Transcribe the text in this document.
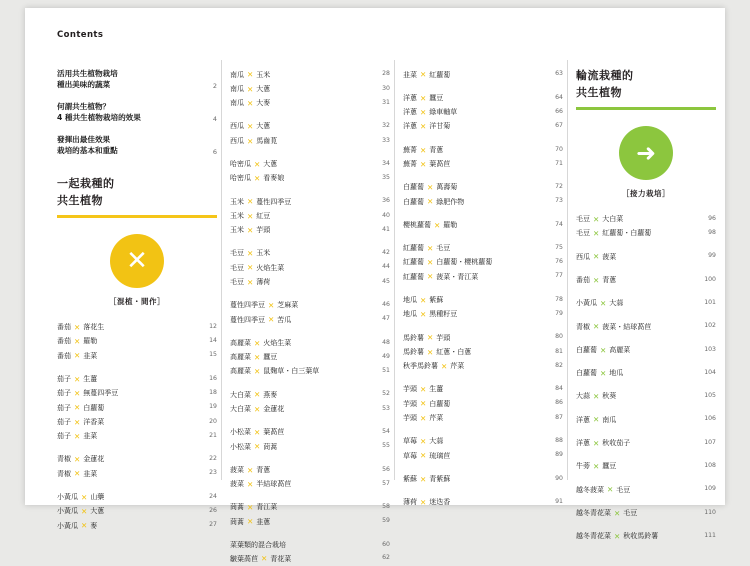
Contents
活用共生植物栽培
種出美味的蔬菜	2
何謂共生植物？
4 種共生植物栽培的效果	4
發揮出最佳效果
栽培的基本和重點	6
一起栽種的
共生植物
✕
［混植・間作］
番茄 ✕ 落花生	12
番茄 ✕ 羅勒	14
番茄 ✕ 韭菜	15
茄子 ✕ 生薑	16
茄子 ✕ 無蔓四季豆	18
茄子 ✕ 白蘿蔔	19
茄子 ✕ 洋香菜	20
茄子 ✕ 韭菜	21
青椒 ✕ 金蓮花	22
青椒 ✕ 韭菜	23
小黃瓜 ✕ 山藥	24
小黃瓜 ✕ 大蔥	26
小黃瓜 ✕ 麥	27
南瓜 ✕ 玉米	28
南瓜 ✕ 大蔥	30
南瓜 ✕ 大麥	31
西瓜 ✕ 大蔥	32
西瓜 ✕ 馬齒莧	33
哈密瓜 ✕ 大蔥	34
哈密瓜 ✕ 看麥娘	35
玉米 ✕ 蔓性四季豆	36
玉米 ✕ 紅豆	40
玉米 ✕ 芋頭	41
毛豆 ✕ 玉米	42
毛豆 ✕ 火焰生菜	44
毛豆 ✕ 薄荷	45
蔓性四季豆 ✕ 芝麻菜	46
蔓性四季豆 ✕ 苦瓜	47
高麗菜 ✕ 火焰生菜	48
高麗菜 ✕ 蠶豆	49
高麗菜 ✕ 鼠麴草・白三葉草	51
大白菜 ✕ 燕麥	52
大白菜 ✕ 金蓮花	53
小松菜 ✕ 葉萵苣	54
小松菜 ✕ 茼蒿	55
菠菜 ✕ 青蔥	56
菠菜 ✕ 半結球萵苣	57
茼蒿 ✕ 青江菜	58
茼蒿 ✕ 韭蔥	59
菜葉類的混合栽培	60
皺葉萵苣 ✕ 青花菜	62
韭菜 ✕ 紅蘿蔔	63
洋蔥 ✕ 蠶豆	64
洋蔥 ✕ 綠車軸草	66
洋蔥 ✕ 洋甘菊	67
蕪菁 ✕ 青蔥	70
蕪菁 ✕ 葉萵苣	71
白蘿蔔 ✕ 萬壽菊	72
白蘿蔔 ✕ 綠肥作物	73
櫻桃蘿蔔 ✕ 羅勒	74
紅蘿蔔 ✕ 毛豆	75
紅蘿蔔 ✕ 白蘿蔔・櫻桃蘿蔔	76
紅蘿蔔 ✕ 菠菜・青江菜	77
地瓜 ✕ 紫蘇	78
地瓜 ✕ 黑種籽豆	79
馬鈴薯 ✕ 芋頭	80
馬鈴薯 ✕ 紅蔥・白蔥	81
秋季馬鈴薯 ✕ 芹菜	82
芋頭 ✕ 生薑	84
芋頭 ✕ 白蘿蔔	86
芋頭 ✕ 芹菜	87
草莓 ✕ 大蒜	88
草莓 ✕ 琉璃苣	89
紫蘇 ✕ 青紫蘇	90
薄荷 ✕ 迷迭香	91
輪流栽種的
共生植物
➜
［接力栽培］
毛豆 ✕ 大白菜	96
毛豆 ✕ 紅蘿蔔・白蘿蔔	98
西瓜 ✕ 菠菜	99
番茄 ✕ 青蔥	100
小黃瓜 ✕ 大蒜	101
青椒 ✕ 菠菜・結球萵苣	102
白蘿蔔 ✕ 高麗菜	103
白蘿蔔 ✕ 地瓜	104
大蒜 ✕ 秋葵	105
洋蔥 ✕ 南瓜	106
洋蔥 ✕ 秋收茄子	107
牛蒡 ✕ 蠶豆	108
越冬菠菜 ✕ 毛豆	109
越冬青花菜 ✕ 毛豆	110
越冬青花菜 ✕ 秋收馬鈴薯	111
